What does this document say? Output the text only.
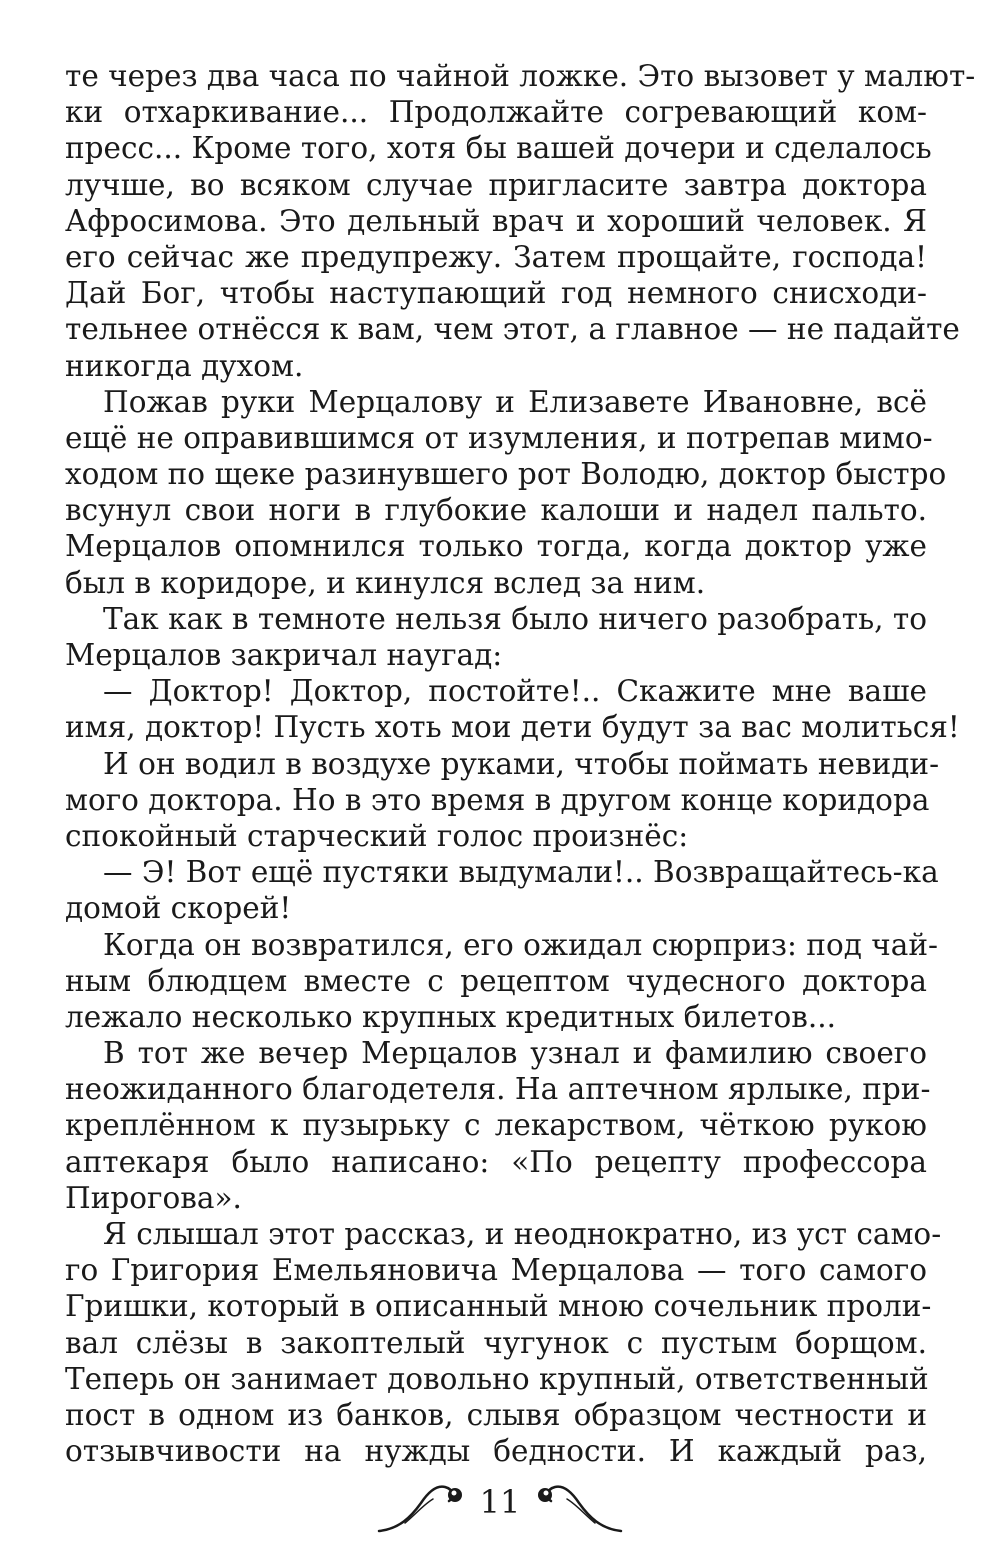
те через два часа по чайной ложке. Это вызовет у малют-
ки отхаркивание... Продолжайте согревающий ком-
пресс... Кроме того, хотя бы вашей дочери и сделалось
лучше, во всяком случае пригласите завтра доктора
Афросимова. Это дельный врач и хороший человек. Я
его сейчас же предупрежу. Затем прощайте, господа!
Дай Бог, чтобы наступающий год немного снисходи-
тельнее отнёсся к вам, чем этот, а главное — не падайте
никогда духом.
Пожав руки Мерцалову и Елизавете Ивановне, всё
ещё не оправившимся от изумления, и потрепав мимо-
ходом по щеке разинувшего рот Володю, доктор быстро
всунул свои ноги в глубокие калоши и надел пальто.
Мерцалов опомнился только тогда, когда доктор уже
был в коридоре, и кинулся вслед за ним.
Так как в темноте нельзя было ничего разобрать, то
Мерцалов закричал наугад:
— Доктор! Доктор, постойте!.. Скажите мне ваше
имя, доктор! Пусть хоть мои дети будут за вас молиться!
И он водил в воздухе руками, чтобы поймать невиди-
мого доктора. Но в это время в другом конце коридора
спокойный старческий голос произнёс:
— Э! Вот ещё пустяки выдумали!.. Возвращайтесь-ка
домой скорей!
Когда он возвратился, его ожидал сюрприз: под чай-
ным блюдцем вместе с рецептом чудесного доктора
лежало несколько крупных кредитных билетов...
В тот же вечер Мерцалов узнал и фамилию своего
неожиданного благодетеля. На аптечном ярлыке, при-
креплённом к пузырьку с лекарством, чёткою рукою
аптекаря было написано: «По рецепту профессора
Пирогова».
Я слышал этот рассказ, и неоднократно, из уст само-
го Григория Емельяновича Мерцалова — того самого
Гришки, который в описанный мною сочельник проли-
вал слёзы в закоптелый чугунок с пустым борщом.
Теперь он занимает довольно крупный, ответственный
пост в одном из банков, слывя образцом честности и
отзывчивости на нужды бедности. И каждый раз,
11
